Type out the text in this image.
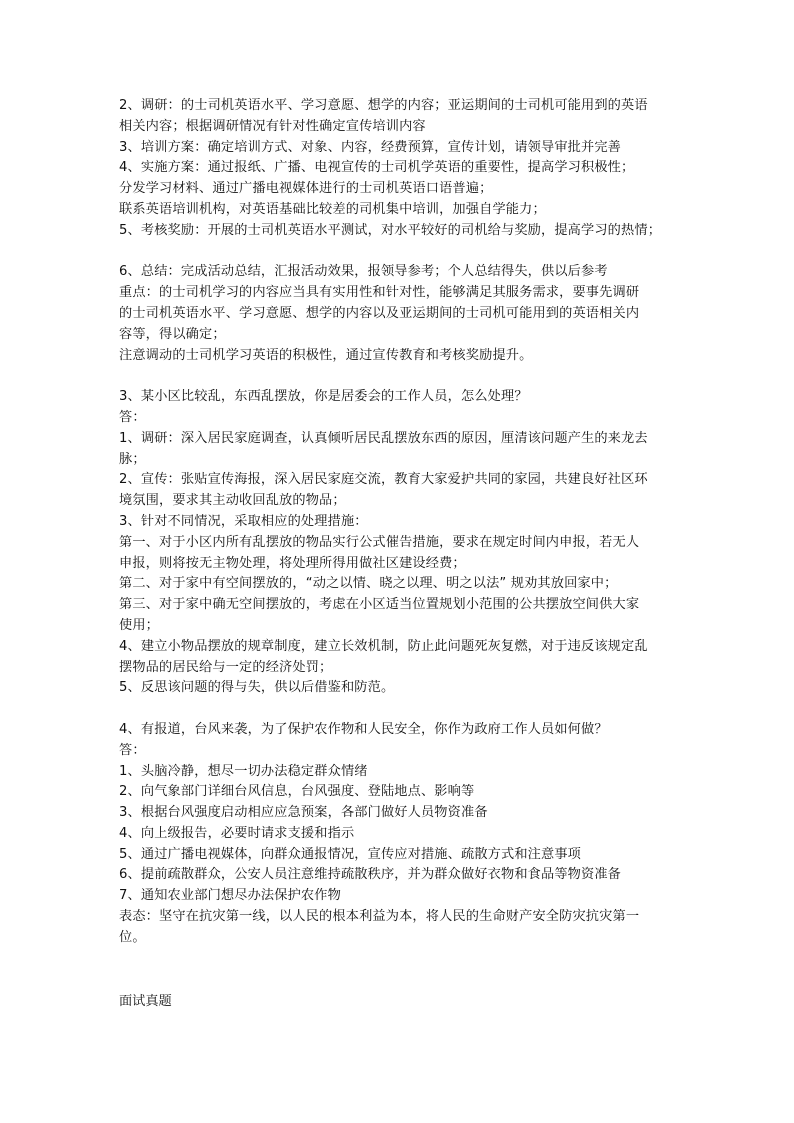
2、调研：的士司机英语水平、学习意愿、想学的内容；亚运期间的士司机可能用到的英语
相关内容；根据调研情况有针对性确定宣传培训内容
3、培训方案：确定培训方式、对象、内容，经费预算，宣传计划，请领导审批并完善
4、实施方案：通过报纸、广播、电视宣传的士司机学英语的重要性，提高学习积极性；
分发学习材料、通过广播电视媒体进行的士司机英语口语普遍；
联系英语培训机构，对英语基础比较差的司机集中培训，加强自学能力；
5、考核奖励：开展的士司机英语水平测试，对水平较好的司机给与奖励，提高学习的热情；
6、总结：完成活动总结，汇报活动效果，报领导参考；个人总结得失，供以后参考
重点：的士司机学习的内容应当具有实用性和针对性，能够满足其服务需求，要事先调研
的士司机英语水平、学习意愿、想学的内容以及亚运期间的士司机可能用到的英语相关内
容等，得以确定；
注意调动的士司机学习英语的积极性，通过宣传教育和考核奖励提升。
3、某小区比较乱，东西乱摆放，你是居委会的工作人员，怎么处理？
答：
1、调研：深入居民家庭调查，认真倾听居民乱摆放东西的原因，厘清该问题产生的来龙去
脉；
2、宣传：张贴宣传海报，深入居民家庭交流，教育大家爱护共同的家园，共建良好社区环
境氛围，要求其主动收回乱放的物品；
3、针对不同情况，采取相应的处理措施：
第一、对于小区内所有乱摆放的物品实行公式催告措施，要求在规定时间内申报，若无人
申报，则将按无主物处理，将处理所得用做社区建设经费；
第二、对于家中有空间摆放的，“动之以情、晓之以理、明之以法” 规劝其放回家中；
第三、对于家中确无空间摆放的，考虑在小区适当位置规划小范围的公共摆放空间供大家
使用；
4、建立小物品摆放的规章制度，建立长效机制，防止此问题死灰复燃，对于违反该规定乱
摆物品的居民给与一定的经济处罚；
5、反思该问题的得与失，供以后借鉴和防范。
4、有报道，台风来袭，为了保护农作物和人民安全，你作为政府工作人员如何做？
答：
1、头脑冷静，想尽一切办法稳定群众情绪
2、向气象部门详细台风信息，台风强度、登陆地点、影响等
3、根据台风强度启动相应应急预案，各部门做好人员物资准备
4、向上级报告，必要时请求支援和指示
5、通过广播电视媒体，向群众通报情况，宣传应对措施、疏散方式和注意事项
6、提前疏散群众，公安人员注意维持疏散秩序，并为群众做好衣物和食品等物资准备
7、通知农业部门想尽办法保护农作物
表态：坚守在抗灾第一线，以人民的根本利益为本，将人民的生命财产安全防灾抗灾第一
位。
面试真题
